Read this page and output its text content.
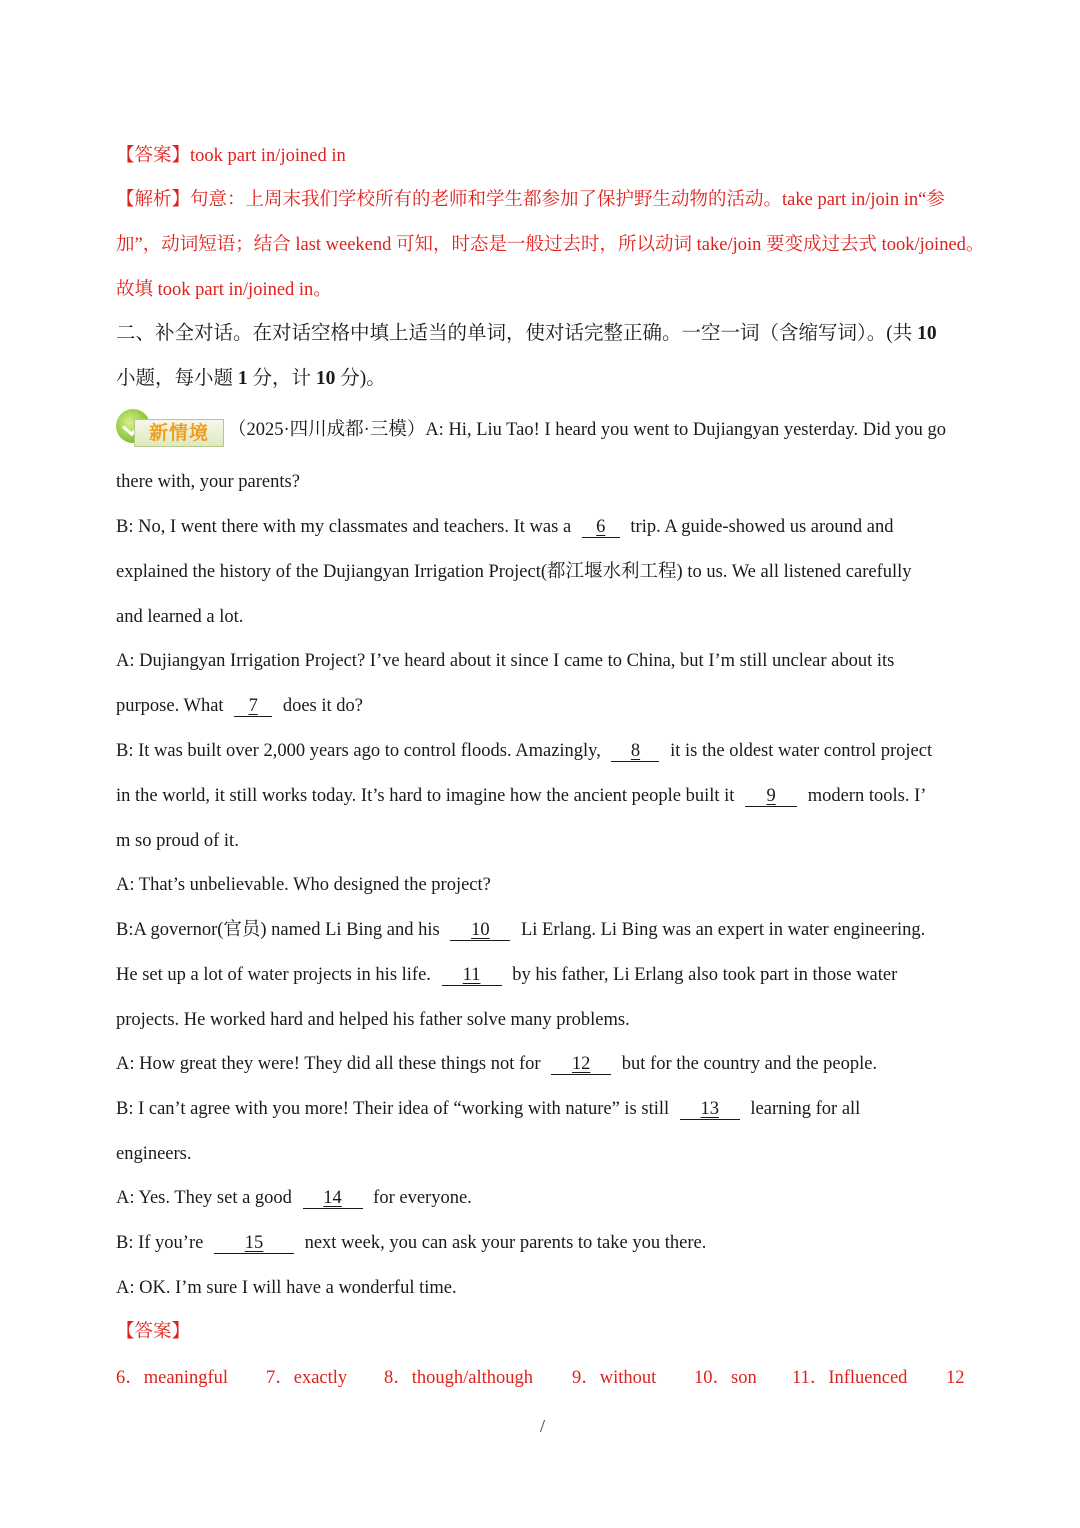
【答案】took part in/joined in
【解析】句意：上周末我们学校所有的老师和学生都参加了保护野生动物的活动。take part in/join in“参
加”，动词短语；结合 last weekend 可知，时态是一般过去时，所以动词 take/join 要变成过去式 took/joined。
故填 took part in/joined in。
二、补全对话。在对话空格中填上适当的单词，使对话完整正确。一空一词（含缩写词）。(共 10
小题，每小题 1 分，计 10 分)。
新情境	（2025·四川成都·三模）A: Hi, Liu Tao! I heard you went to Dujiangyan yesterday. Did you go
there with, your parents?
B: No, I went there with my classmates and teachers. It was a 6 trip. A guide-showed us around and
explained the history of the Dujiangyan Irrigation Project(都江堰水利工程) to us. We all listened carefully
and learned a lot.
A: Dujiangyan Irrigation Project? I’ve heard about it since I came to China, but I’m still unclear about its
purpose. What 7 does it do?
B: It was built over 2,000 years ago to control floods. Amazingly, 8 it is the oldest water control project
in the world, it still works today. It’s hard to imagine how the ancient people built it 9 modern tools. I’
m so proud of it.
A: That’s unbelievable. Who designed the project?
B:A governor(官员) named Li Bing and his 10 Li Erlang. Li Bing was an expert in water engineering.
He set up a lot of water projects in his life. 11 by his father, Li Erlang also took part in those water
projects. He worked hard and helped his father solve many problems.
A: How great they were! They did all these things not for 12 but for the country and the people.
B: I can’t agree with you more! Their idea of “working with nature” is still 13 learning for all
engineers.
A: Yes. They set a good 14 for everyone.
B: If you’re 15 next week, you can ask your parents to take you there.
A: OK. I’m sure I will have a wonderful time.
【答案】
6．meaningful 7．exactly 8．though/although 9．without 10．son 11．Influenced 12
/
